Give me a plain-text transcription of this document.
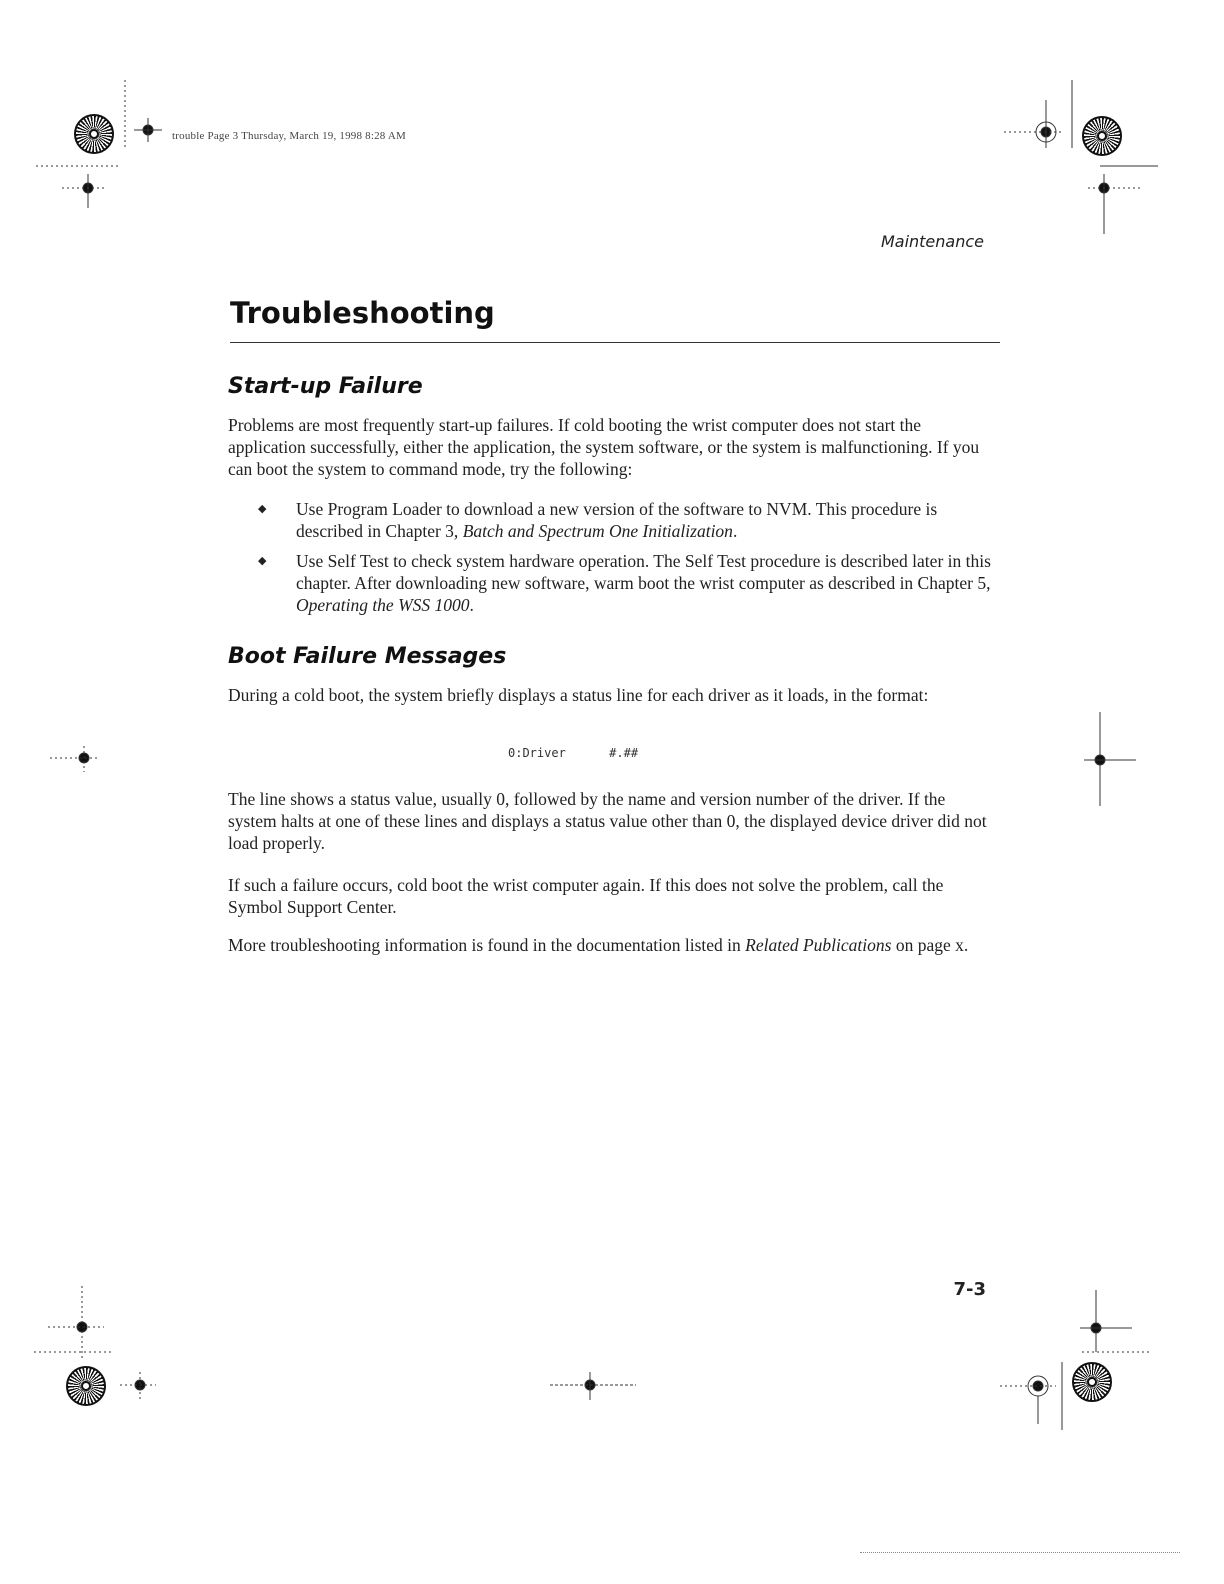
trouble Page 3 Thursday, March 19, 1998 8:28 AM
Maintenance
Troubleshooting
Start-up Failure

Problems are most frequently start-up failures. If cold booting the wrist computer does not start the application successfully, either the application, the system software, or the system is malfunctioning. If you can boot the system to command mode, try the following:

◆ Use Program Loader to download a new version of the software to NVM. This procedure is described in Chapter 3, Batch and Spectrum One Initialization.
◆ Use Self Test to check system hardware operation. The Self Test procedure is described later in this chapter. After downloading new software, warm boot the wrist computer as described in Chapter 5, Operating the WSS 1000.
Boot Failure Messages

During a cold boot, the system briefly displays a status line for each driver as it loads, in the format:

0:Driver      #.##

The line shows a status value, usually 0, followed by the name and version number of the driver. If the system halts at one of these lines and displays a status value other than 0, the displayed device driver did not load properly.

If such a failure occurs, cold boot the wrist computer again. If this does not solve the problem, call the Symbol Support Center.

More troubleshooting information is found in the documentation listed in Related Publications on page x.

7-3
